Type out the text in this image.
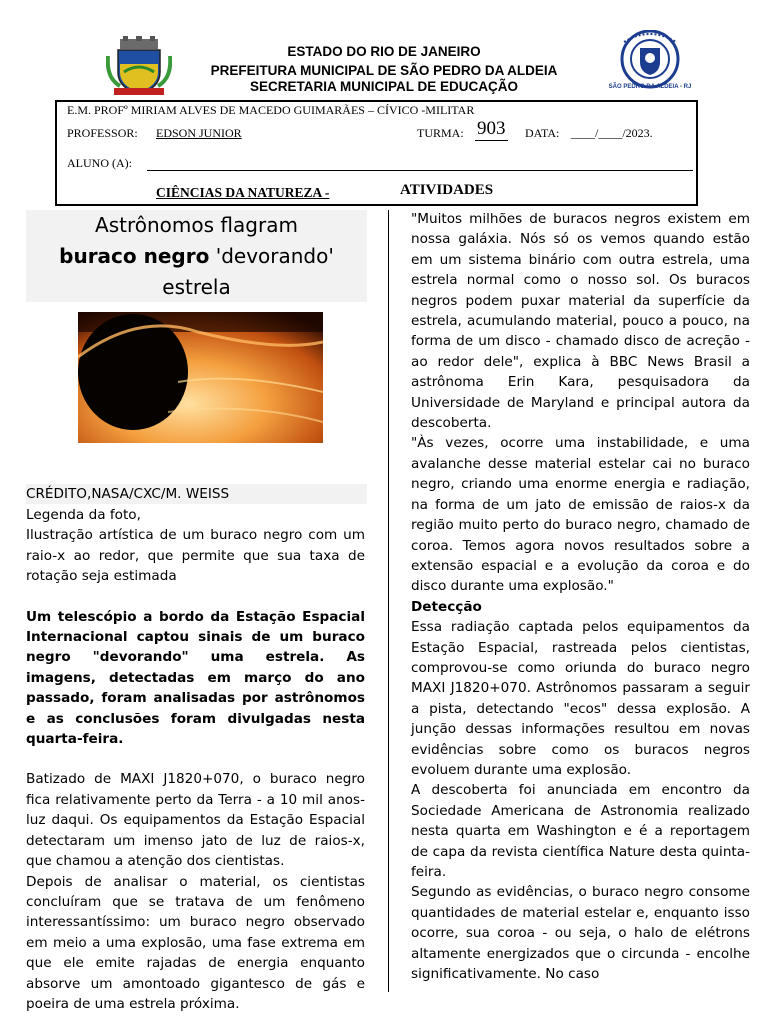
ESTADO DO RIO DE JANEIRO
PREFEITURA MUNICIPAL DE SÃO PEDRO DA ALDEIA
SECRETARIA MUNICIPAL DE EDUCAÇÃO	SÃO PEDRO DA ALDEIA - RJ
E.M. PROFº MIRIAM ALVES DE MACEDO GUIMARÃES – CÍVICO -MILITAR
PROFESSOR: EDSON JUNIOR	TURMA: 903 DATA: ____/____/2023.
ALUNO (A):
CIÊNCIAS DA NATUREZA -	ATIVIDADES
Astrônomos flagram
buraco negro 'devorando'
estrela
CRÉDITO,NASA/CXC/M. WEISS

Legenda da foto,

Ilustração artística de um buraco negro com um raio-x ao redor, que permite que sua taxa de rotação seja estimada

Um telescópio a bordo da Estação Espacial Internacional captou sinais de um buraco negro "devorando" uma estrela. As imagens, detectadas em março do ano passado, foram analisadas por astrônomos e as conclusões foram divulgadas nesta quarta-feira.

Batizado de MAXI J1820+070, o buraco negro fica relativamente perto da Terra - a 10 mil anos-luz daqui. Os equipamentos da Estação Espacial detectaram um imenso jato de luz de raios-x, que chamou a atenção dos cientistas.

Depois de analisar o material, os cientistas concluíram que se tratava de um fenômeno interessantíssimo: um buraco negro observado em meio a uma explosão, uma fase extrema em que ele emite rajadas de energia enquanto absorve um amontoado gigantesco de gás e poeira de uma estrela próxima.

"Muitos milhões de buracos negros existem em nossa galáxia. Nós só os vemos quando estão em um sistema binário com outra estrela, uma estrela normal como o nosso sol. Os buracos negros podem puxar material da superfície da estrela, acumulando material, pouco a pouco, na forma de um disco - chamado disco de acreção - ao redor dele", explica à BBC News Brasil a astrônoma Erin Kara, pesquisadora da Universidade de Maryland e principal autora da descoberta.

"Às vezes, ocorre uma instabilidade, e uma avalanche desse material estelar cai no buraco negro, criando uma enorme energia e radiação, na forma de um jato de emissão de raios-x da região muito perto do buraco negro, chamado de coroa. Temos agora novos resultados sobre a extensão espacial e a evolução da coroa e do disco durante uma explosão."

Detecção

Essa radiação captada pelos equipamentos da Estação Espacial, rastreada pelos cientistas, comprovou-se como oriunda do buraco negro MAXI J1820+070. Astrônomos passaram a seguir a pista, detectando "ecos" dessa explosão. A junção dessas informações resultou em novas evidências sobre como os buracos negros evoluem durante uma explosão.

A descoberta foi anunciada em encontro da Sociedade Americana de Astronomia realizado nesta quarta em Washington e é a reportagem de capa da revista científica Nature desta quinta-feira.

Segundo as evidências, o buraco negro consome quantidades de material estelar e, enquanto isso ocorre, sua coroa - ou seja, o halo de elétrons altamente energizados que o circunda - encolhe significativamente. No caso
